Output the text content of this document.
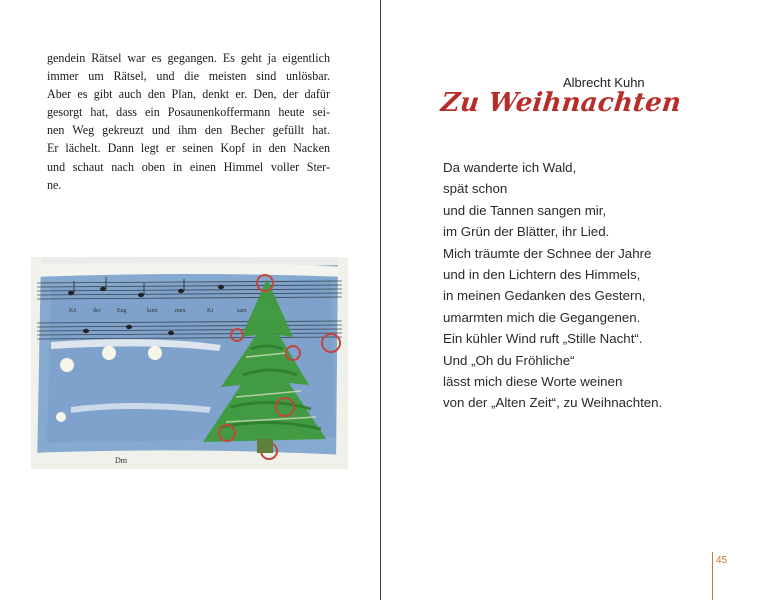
gendein Rätsel war es gegangen. Es geht ja eigentlich
immer um Rätsel, und die meisten sind unlösbar.
Aber es gibt auch den Plan, denkt er. Den, der dafür
gesorgt hat, dass ein Posaunenkoffermann heute sei-
nen Weg gekreuzt und ihm den Becher gefüllt hat.
Er lächelt. Dann legt er seinen Kopf in den Nacken
und schaut nach oben in einen Himmel voller Ster-
ne.
Kö	der	Eng	kum	men	Ki	sam
Dm

Albrecht Kuhn

Zu Weihnachten
Da wanderte ich Wald,
spät schon
und die Tannen sangen mir,
im Grün der Blätter, ihr Lied.
Mich träumte der Schnee der Jahre
und in den Lichtern des Himmels,
in meinen Gedanken des Gestern,
umarmten mich die Gegangenen.
Ein kühler Wind ruft „Stille Nacht“.
Und „Oh du Fröhliche“
lässt mich diese Worte weinen
von der „Alten Zeit“, zu Weihnachten.

45
